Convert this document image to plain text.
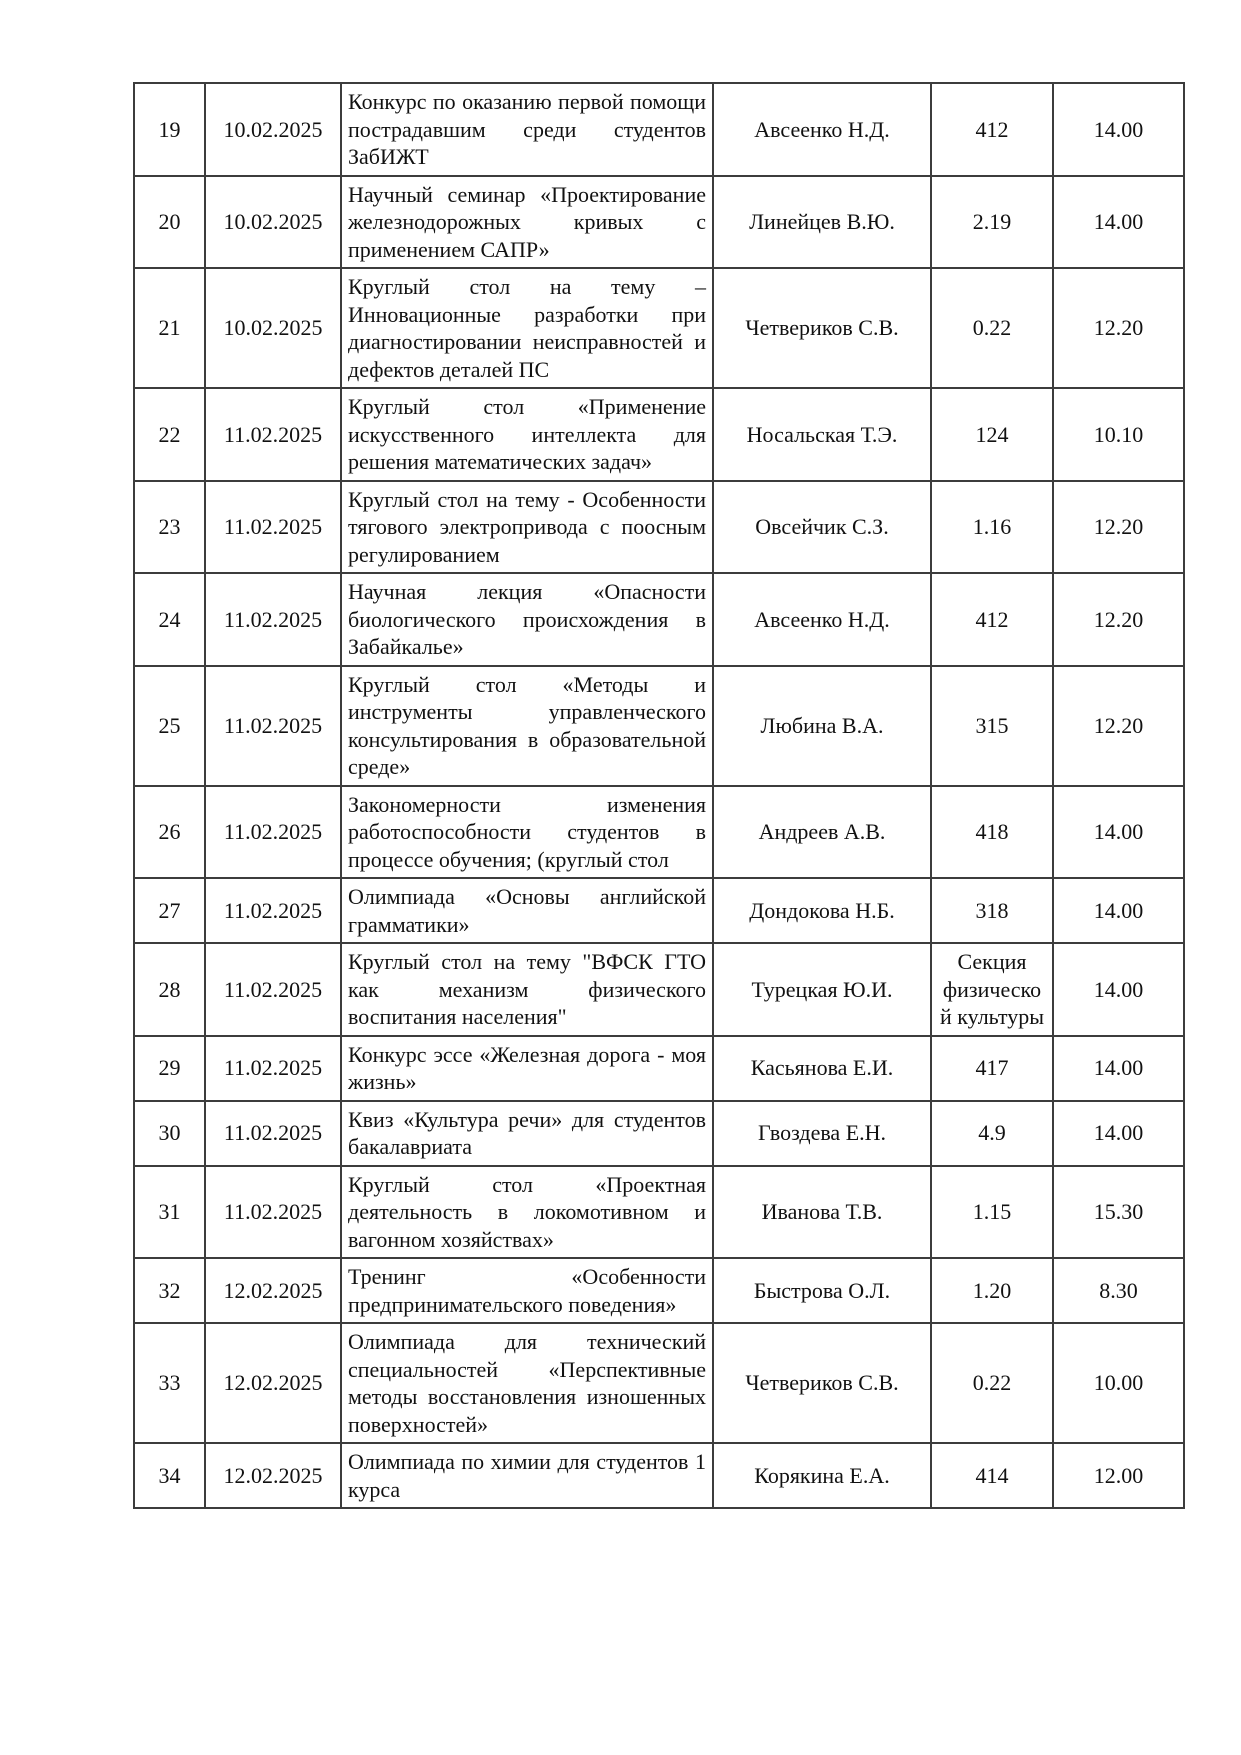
19	10.02.2025	Конкурс по оказанию первой помощи пострадавшим среди студентов ЗабИЖТ	Авсеенко Н.Д.	412	14.00
20	10.02.2025	Научный семинар «Проектирование железнодорожных кривых с применением САПР»	Линейцев В.Ю.	2.19	14.00
21	10.02.2025	Круглый стол на тему – Инновационные разработки при диагностировании неисправностей и дефектов деталей ПС	Четвериков С.В.	0.22	12.20
22	11.02.2025	Круглый стол «Применение искусственного интеллекта для решения математических задач»	Носальская Т.Э.	124	10.10
23	11.02.2025	Круглый стол на тему - Особенности тягового электропривода с поосным регулированием	Овсейчик С.З.	1.16	12.20
24	11.02.2025	Научная лекция «Опасности биологического происхождения в Забайкалье»	Авсеенко Н.Д.	412	12.20
25	11.02.2025	Круглый стол «Методы и инструменты управленческого консультирования в образовательной среде»	Любина В.А.	315	12.20
26	11.02.2025	Закономерности изменения работоспособности студентов в процессе обучения; (круглый стол	Андреев А.В.	418	14.00
27	11.02.2025	Олимпиада «Основы английской грамматики»	Дондокова Н.Б.	318	14.00
28	11.02.2025	Круглый стол на тему "ВФСК ГТО как механизм физического воспитания населения"	Турецкая Ю.И.	Секция физической культуры	14.00
29	11.02.2025	Конкурс эссе «Железная дорога - моя жизнь»	Касьянова Е.И.	417	14.00
30	11.02.2025	Квиз «Культура речи» для студентов бакалавриата	Гвоздева Е.Н.	4.9	14.00
31	11.02.2025	Круглый стол «Проектная деятельность в локомотивном и вагонном хозяйствах»	Иванова Т.В.	1.15	15.30
32	12.02.2025	Тренинг «Особенности предпринимательского поведения»	Быстрова О.Л.	1.20	8.30
33	12.02.2025	Олимпиада для технический специальностей «Перспективные методы восстановления изношенных поверхностей»	Четвериков С.В.	0.22	10.00
34	12.02.2025	Олимпиада по химии для студентов 1 курса	Корякина Е.А.	414	12.00
